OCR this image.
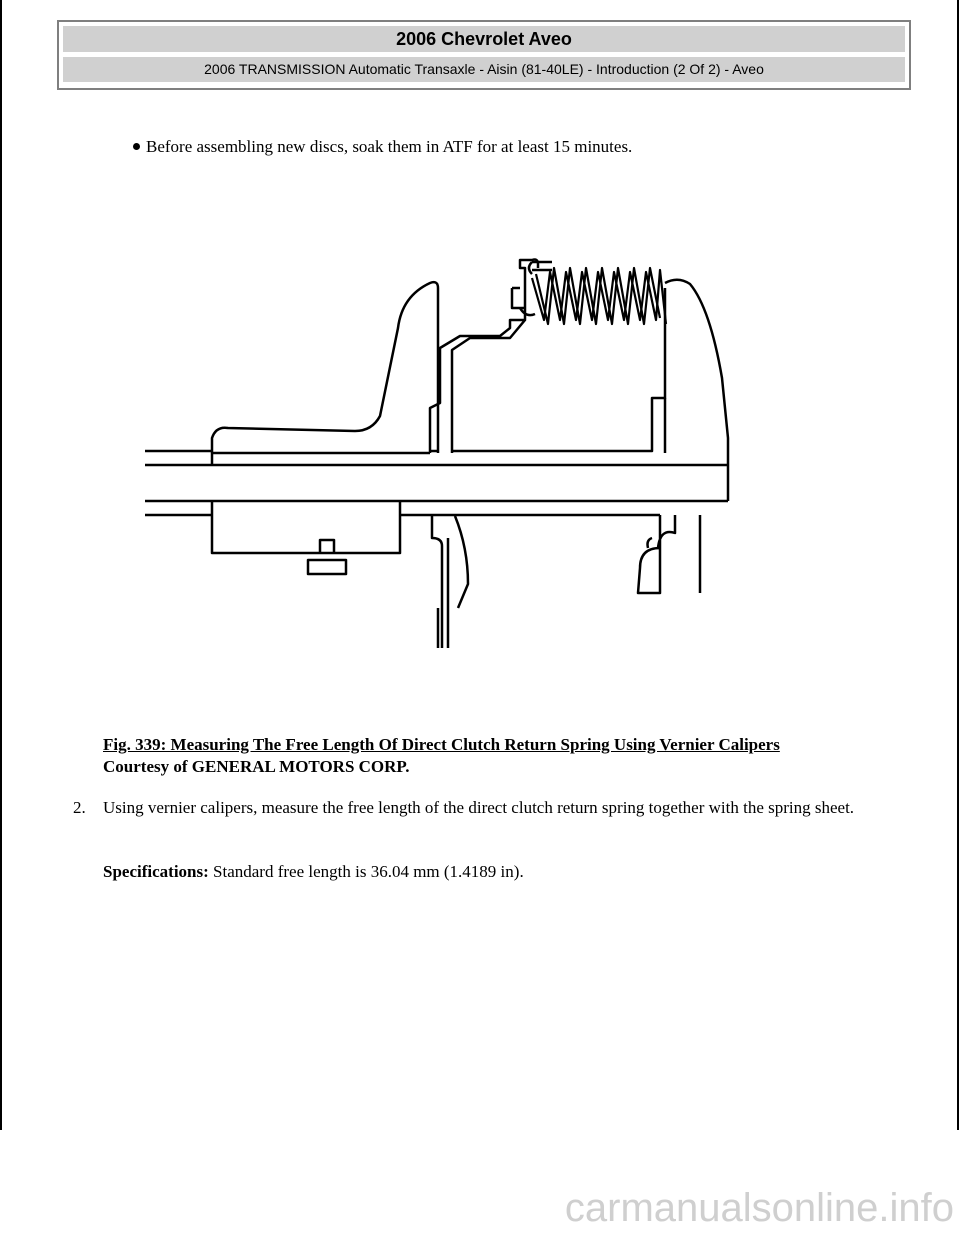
2006 Chevrolet Aveo
2006 TRANSMISSION Automatic Transaxle - Aisin (81-40LE) - Introduction (2 Of 2) - Aveo
Before assembling new discs, soak them in ATF for at least 15 minutes.
Fig. 339: Measuring The Free Length Of Direct Clutch Return Spring Using Vernier Calipers
Courtesy of GENERAL MOTORS CORP.
2. Using vernier calipers, measure the free length of the direct clutch return spring together with the spring sheet.
Specifications: Standard free length is 36.04 mm (1.4189 in).
carmanualsonline.info
